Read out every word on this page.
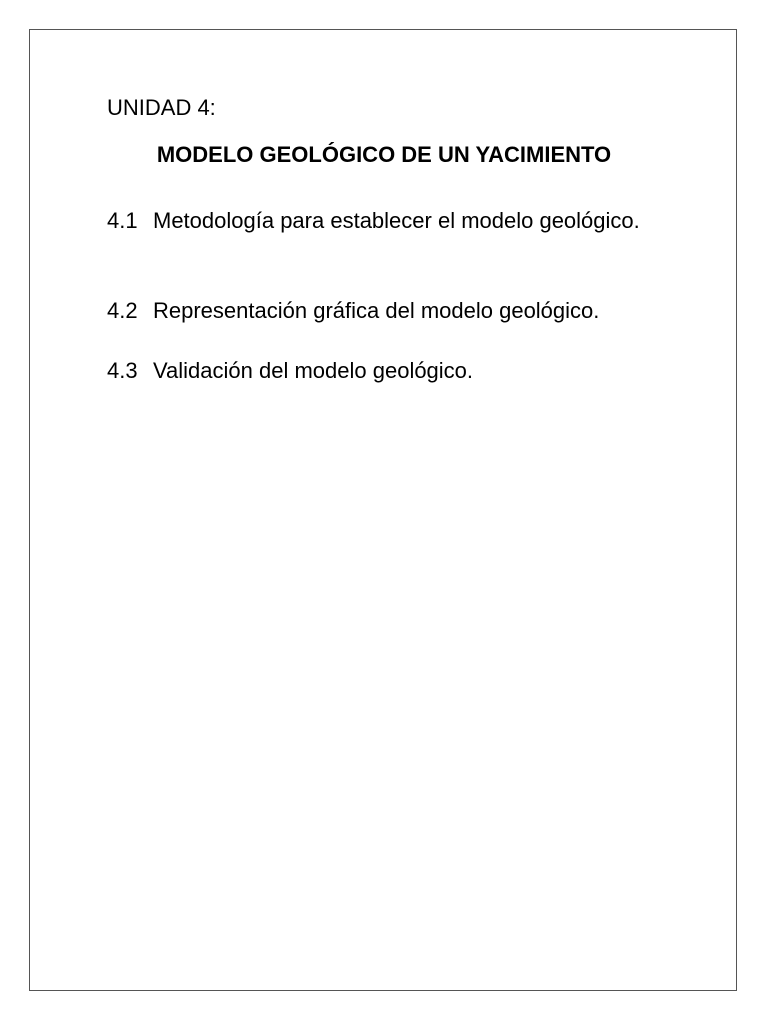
UNIDAD 4:
MODELO GEOLÓGICO DE UN YACIMIENTO
4.1 Metodología para establecer el modelo geológico.
4.2 Representación gráfica del modelo geológico.
4.3 Validación del modelo geológico.
